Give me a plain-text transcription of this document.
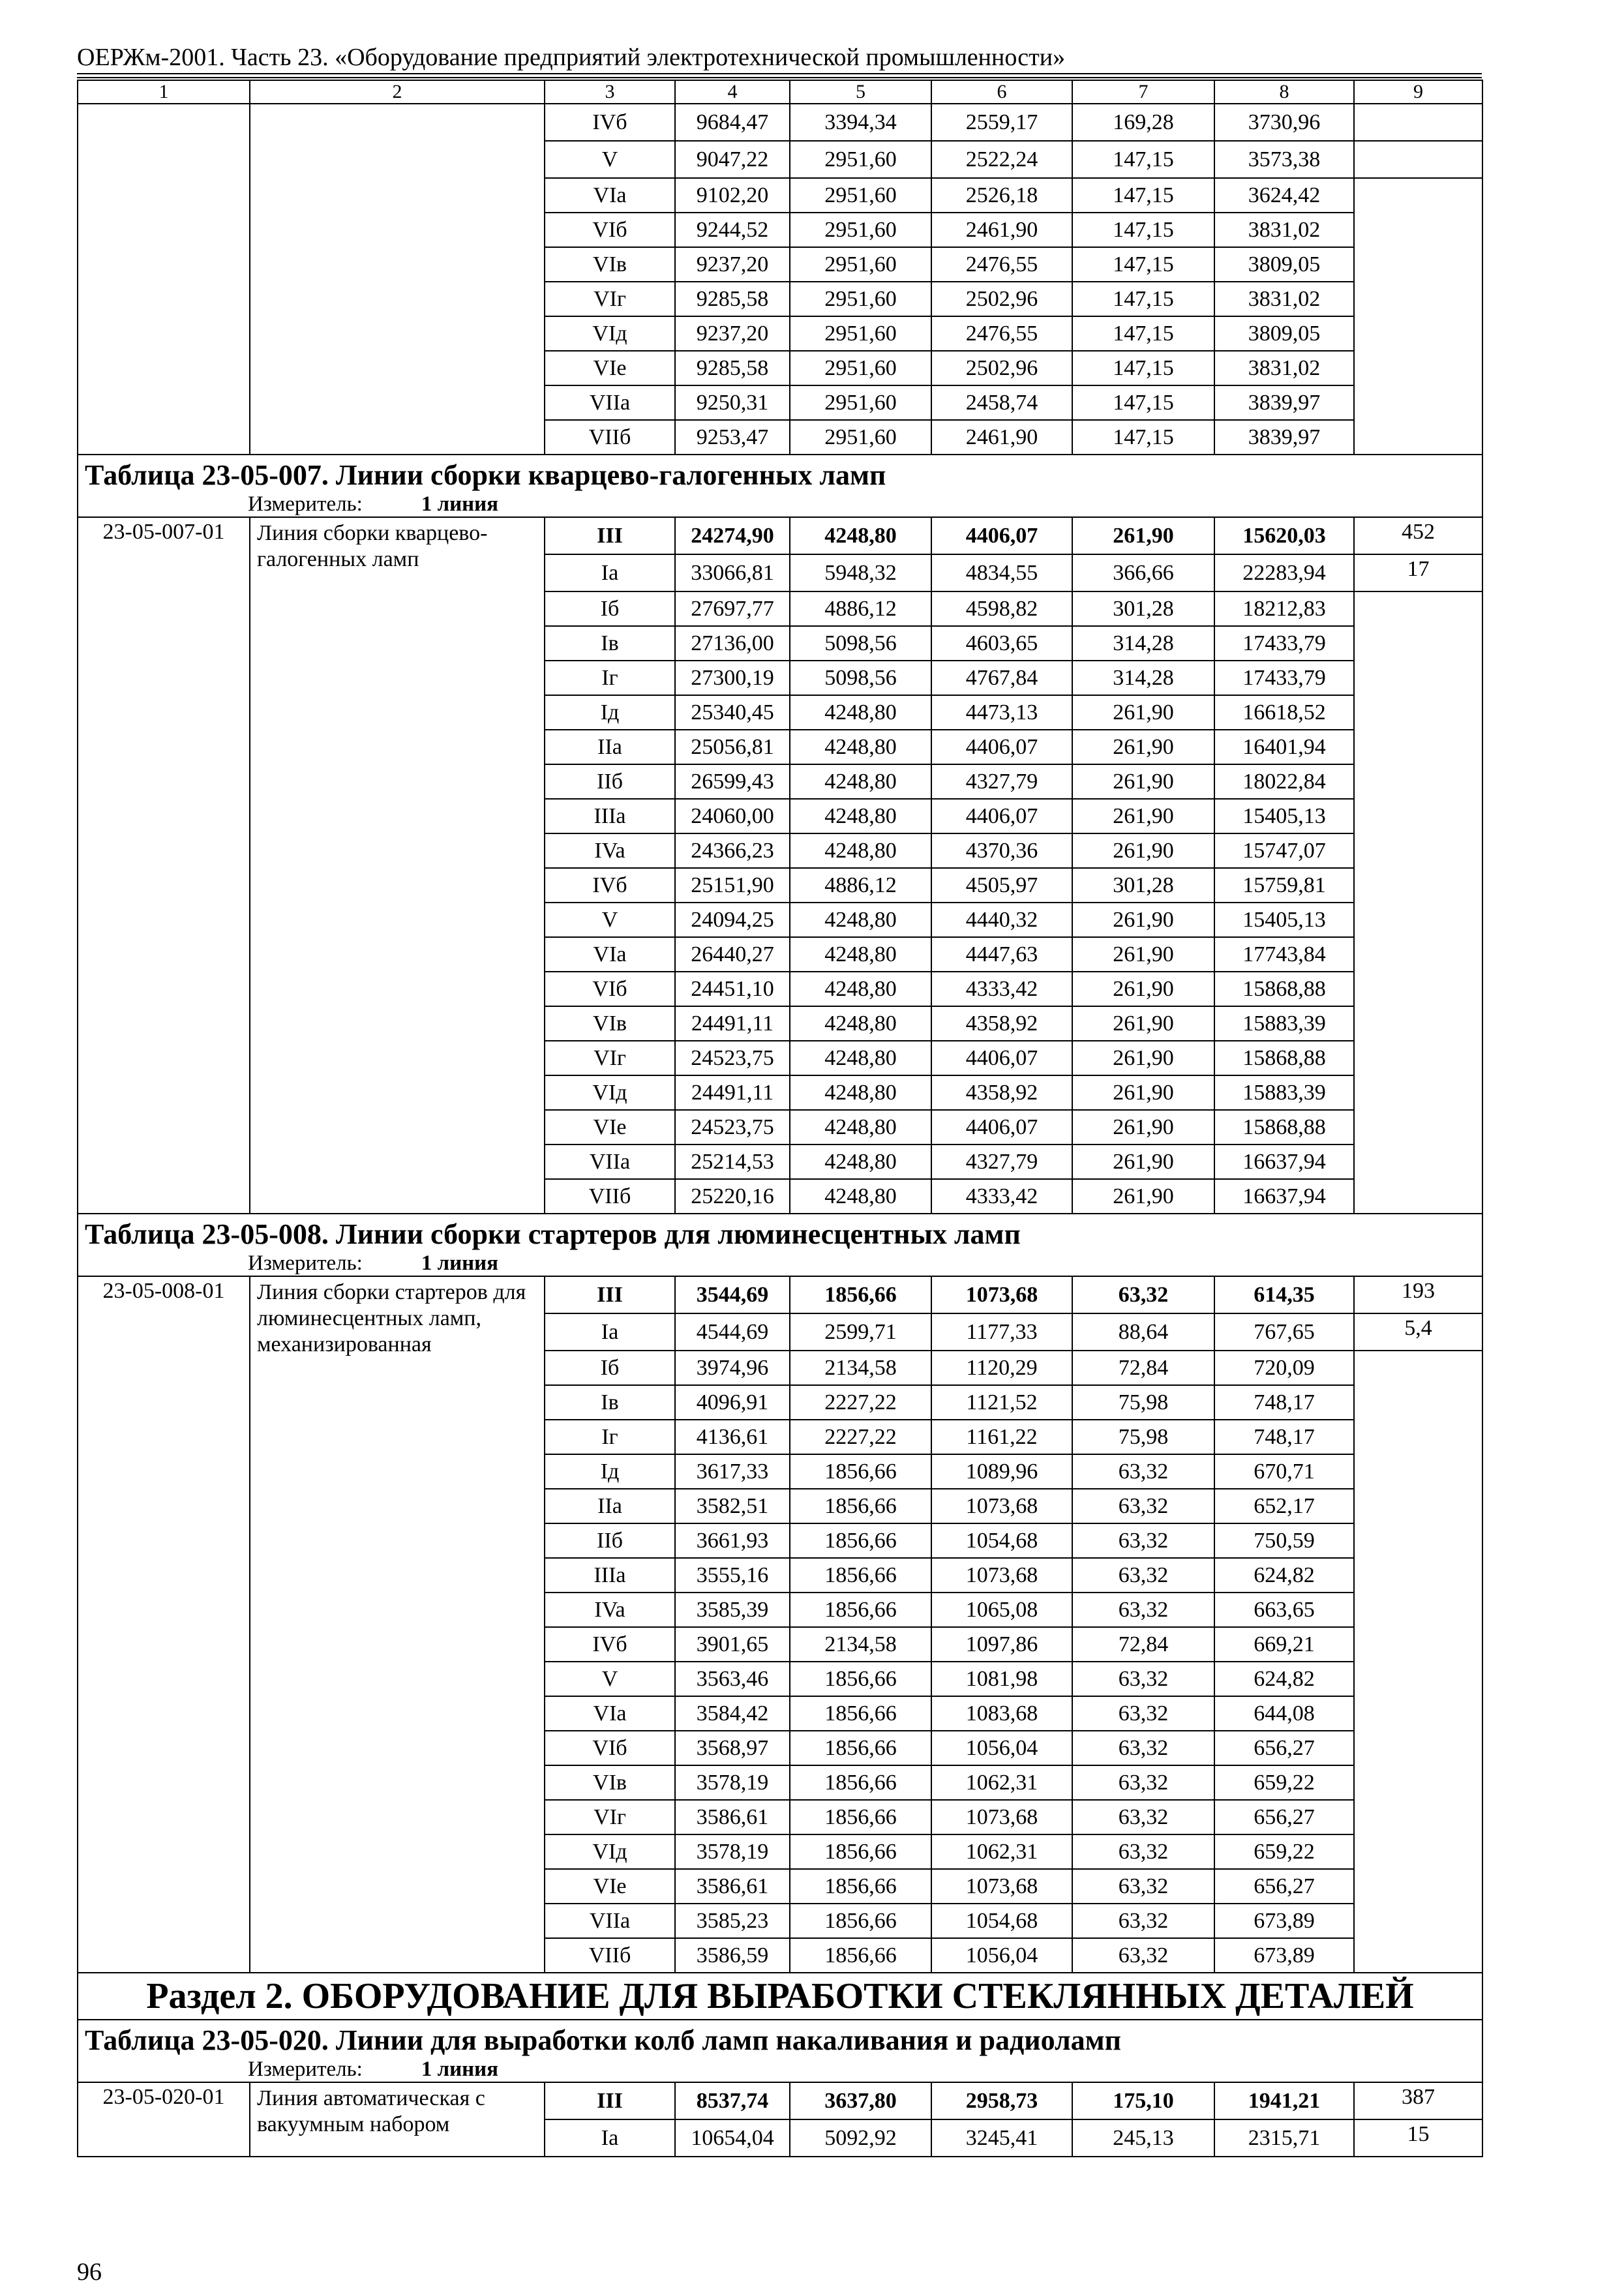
ОЕРЖм-2001. Часть 23. «Оборудование предприятий электротехнической промышленности»
1	2	3	4	5	6	7	8	9
		IVб	9684,47	3394,34	2559,17	169,28	3730,96	
		V	9047,22	2951,60	2522,24	147,15	3573,38	
		VIa	9102,20	2951,60	2526,18	147,15	3624,42	
		VIб	9244,52	2951,60	2461,90	147,15	3831,02	
		VIв	9237,20	2951,60	2476,55	147,15	3809,05	
		VIг	9285,58	2951,60	2502,96	147,15	3831,02	
		VIд	9237,20	2951,60	2476,55	147,15	3809,05	
		VIe	9285,58	2951,60	2502,96	147,15	3831,02	
		VIIa	9250,31	2951,60	2458,74	147,15	3839,97	
		VIIб	9253,47	2951,60	2461,90	147,15	3839,97	
Таблица 23-05-007. Линии сборки кварцево-галогенных ламп
Измеритель: 1 линия								

23-05-007-01	Линия сборки кварцево-галогенных ламп	III	24274,90	4248,80	4406,07	261,90	15620,03	452
		Ia	33066,81	5948,32	4834,55	366,66	22283,94	17
		Iб	27697,77	4886,12	4598,82	301,28	18212,83	
		Iв	27136,00	5098,56	4603,65	314,28	17433,79	
		Iг	27300,19	5098,56	4767,84	314,28	17433,79	
		Iд	25340,45	4248,80	4473,13	261,90	16618,52	
		IIa	25056,81	4248,80	4406,07	261,90	16401,94	
		IIб	26599,43	4248,80	4327,79	261,90	18022,84	
		IIIa	24060,00	4248,80	4406,07	261,90	15405,13	
		IVa	24366,23	4248,80	4370,36	261,90	15747,07	
		IVб	25151,90	4886,12	4505,97	301,28	15759,81	
		V	24094,25	4248,80	4440,32	261,90	15405,13	
		VIa	26440,27	4248,80	4447,63	261,90	17743,84	
		VIб	24451,10	4248,80	4333,42	261,90	15868,88	
		VIв	24491,11	4248,80	4358,92	261,90	15883,39	
		VIг	24523,75	4248,80	4406,07	261,90	15868,88	
		VIд	24491,11	4248,80	4358,92	261,90	15883,39	
		VIe	24523,75	4248,80	4406,07	261,90	15868,88	
		VIIa	25214,53	4248,80	4327,79	261,90	16637,94	
		VIIб	25220,16	4248,80	4333,42	261,90	16637,94	
Таблица 23-05-008. Линии сборки стартеров для люминесцентных ламп
Измеритель: 1 линия								

23-05-008-01	Линия сборки стартеров для люминесцентных ламп, механизированная	III	3544,69	1856,66	1073,68	63,32	614,35	193
		Ia	4544,69	2599,71	1177,33	88,64	767,65	5,4
		Iб	3974,96	2134,58	1120,29	72,84	720,09	
		Iв	4096,91	2227,22	1121,52	75,98	748,17	
		Iг	4136,61	2227,22	1161,22	75,98	748,17	
		Iд	3617,33	1856,66	1089,96	63,32	670,71	
		IIa	3582,51	1856,66	1073,68	63,32	652,17	
		IIб	3661,93	1856,66	1054,68	63,32	750,59	
		IIIa	3555,16	1856,66	1073,68	63,32	624,82	
		IVa	3585,39	1856,66	1065,08	63,32	663,65	
		IVб	3901,65	2134,58	1097,86	72,84	669,21	
		V	3563,46	1856,66	1081,98	63,32	624,82	
		VIa	3584,42	1856,66	1083,68	63,32	644,08	
		VIб	3568,97	1856,66	1056,04	63,32	656,27	
		VIв	3578,19	1856,66	1062,31	63,32	659,22	
		VIг	3586,61	1856,66	1073,68	63,32	656,27	
		VIд	3578,19	1856,66	1062,31	63,32	659,22	
		VIe	3586,61	1856,66	1073,68	63,32	656,27	
		VIIa	3585,23	1856,66	1054,68	63,32	673,89	
		VIIб	3586,59	1856,66	1056,04	63,32	673,89	
Раздел 2. ОБОРУДОВАНИЕ ДЛЯ ВЫРАБОТКИ СТЕКЛЯННЫХ ДЕТАЛЕЙ								
Таблица 23-05-020. Линии для выработки колб ламп накаливания и радиоламп
Измеритель: 1 линия								

23-05-020-01	Линия автоматическая с вакуумным набором	III	8537,74	3637,80	2958,73	175,10	1941,21	387
		Ia	10654,04	5092,92	3245,41	245,13	2315,71	15
96
